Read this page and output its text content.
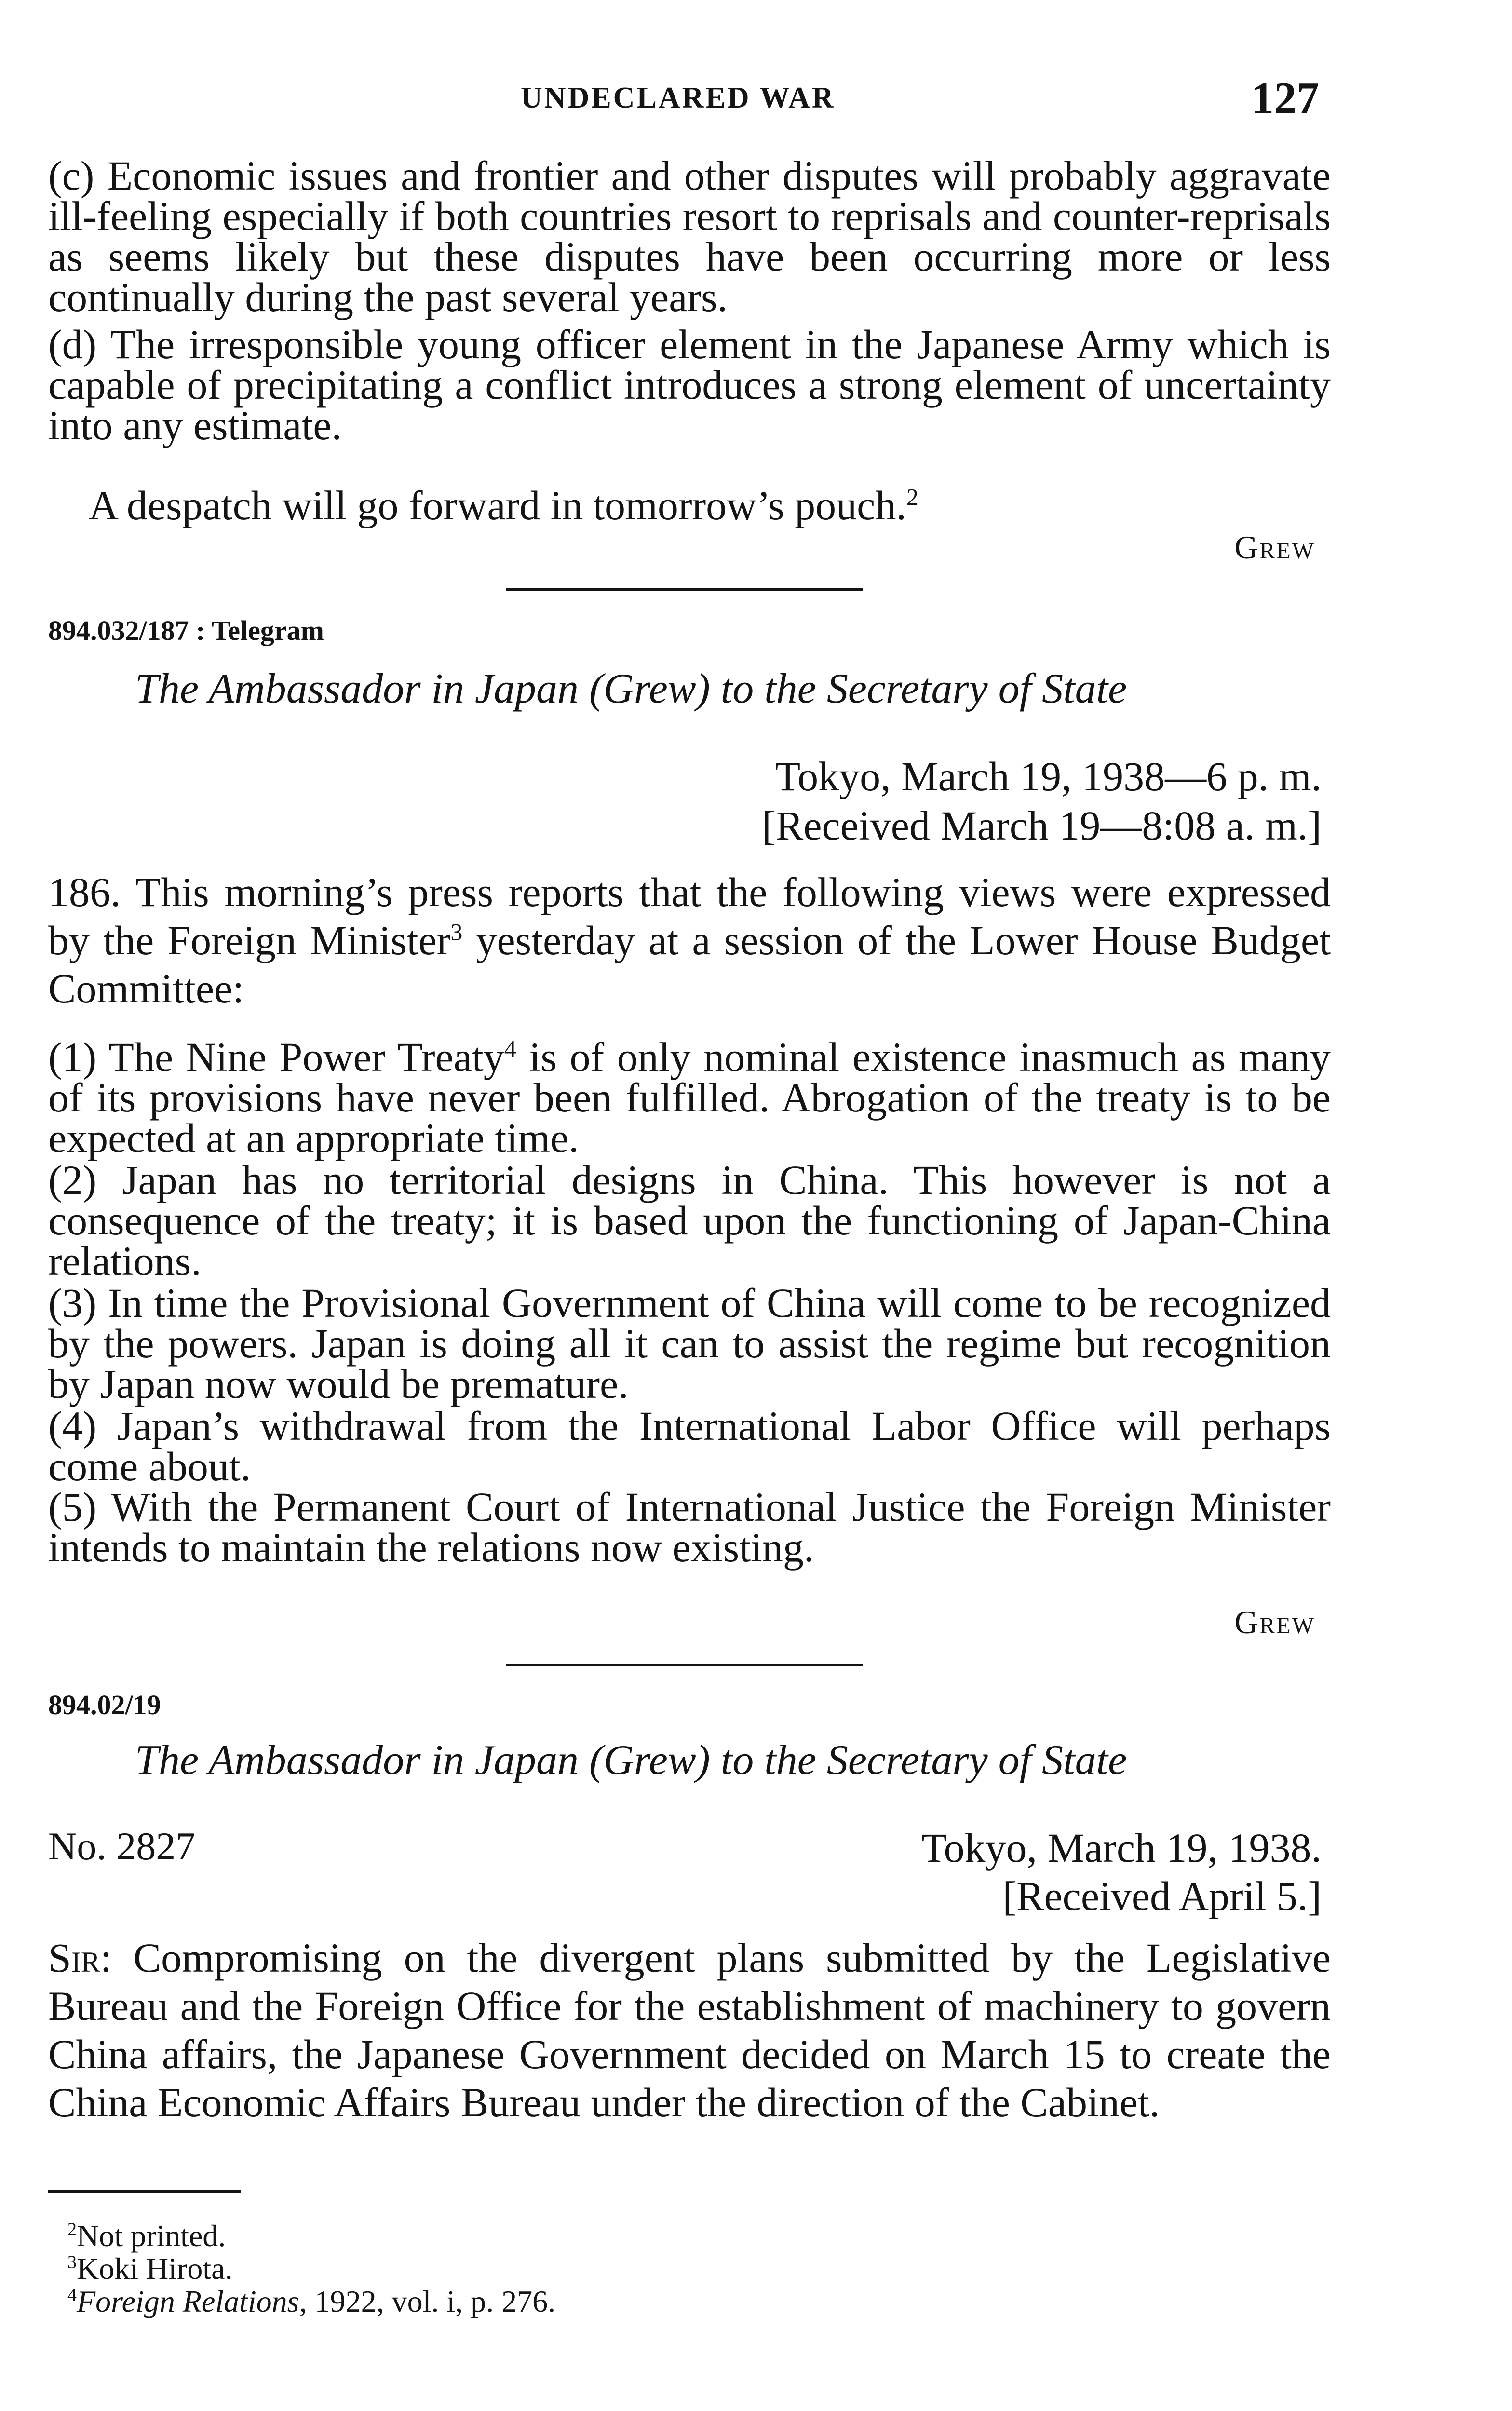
UNDECLARED WAR	127

(c) Economic issues and frontier and other disputes will probably aggravate ill-feeling especially if both countries resort to reprisals and counter-reprisals as seems likely but these disputes have been occurring more or less continually during the past several years.

(d) The irresponsible young officer element in the Japanese Army which is capable of precipitating a conflict introduces a strong element of uncertainty into any estimate.

A despatch will go forward in tomorrow’s pouch.$^2$

Grew

894.032/187 : Telegram

The Ambassador in Japan (Grew) to the Secretary of State

Tokyo, March 19, 1938—6 p. m.

[Received March 19—8:08 a. m.]

186. This morning’s press reports that the following views were expressed by the Foreign Minister$^3$ yesterday at a session of the Lower House Budget Committee:

(1) The Nine Power Treaty$^4$ is of only nominal existence inasmuch as many of its provisions have never been fulfilled. Abrogation of the treaty is to be expected at an appropriate time.

(2) Japan has no territorial designs in China. This however is not a consequence of the treaty; it is based upon the functioning of Japan-China relations.

(3) In time the Provisional Government of China will come to be recognized by the powers. Japan is doing all it can to assist the regime but recognition by Japan now would be premature.

(4) Japan’s withdrawal from the International Labor Office will perhaps come about.

(5) With the Permanent Court of International Justice the Foreign Minister intends to maintain the relations now existing.

Grew

894.02/19

The Ambassador in Japan (Grew) to the Secretary of State

No. 2827	Tokyo, March 19, 1938.

[Received April 5.]

Sir: Compromising on the divergent plans submitted by the Legislative Bureau and the Foreign Office for the establishment of machinery to govern China affairs, the Japanese Government decided on March 15 to create the China Economic Affairs Bureau under the direction of the Cabinet.

$^2$Not printed.

$^3$Koki Hirota.

$^4$Foreign Relations, 1922, vol. i, p. 276.
